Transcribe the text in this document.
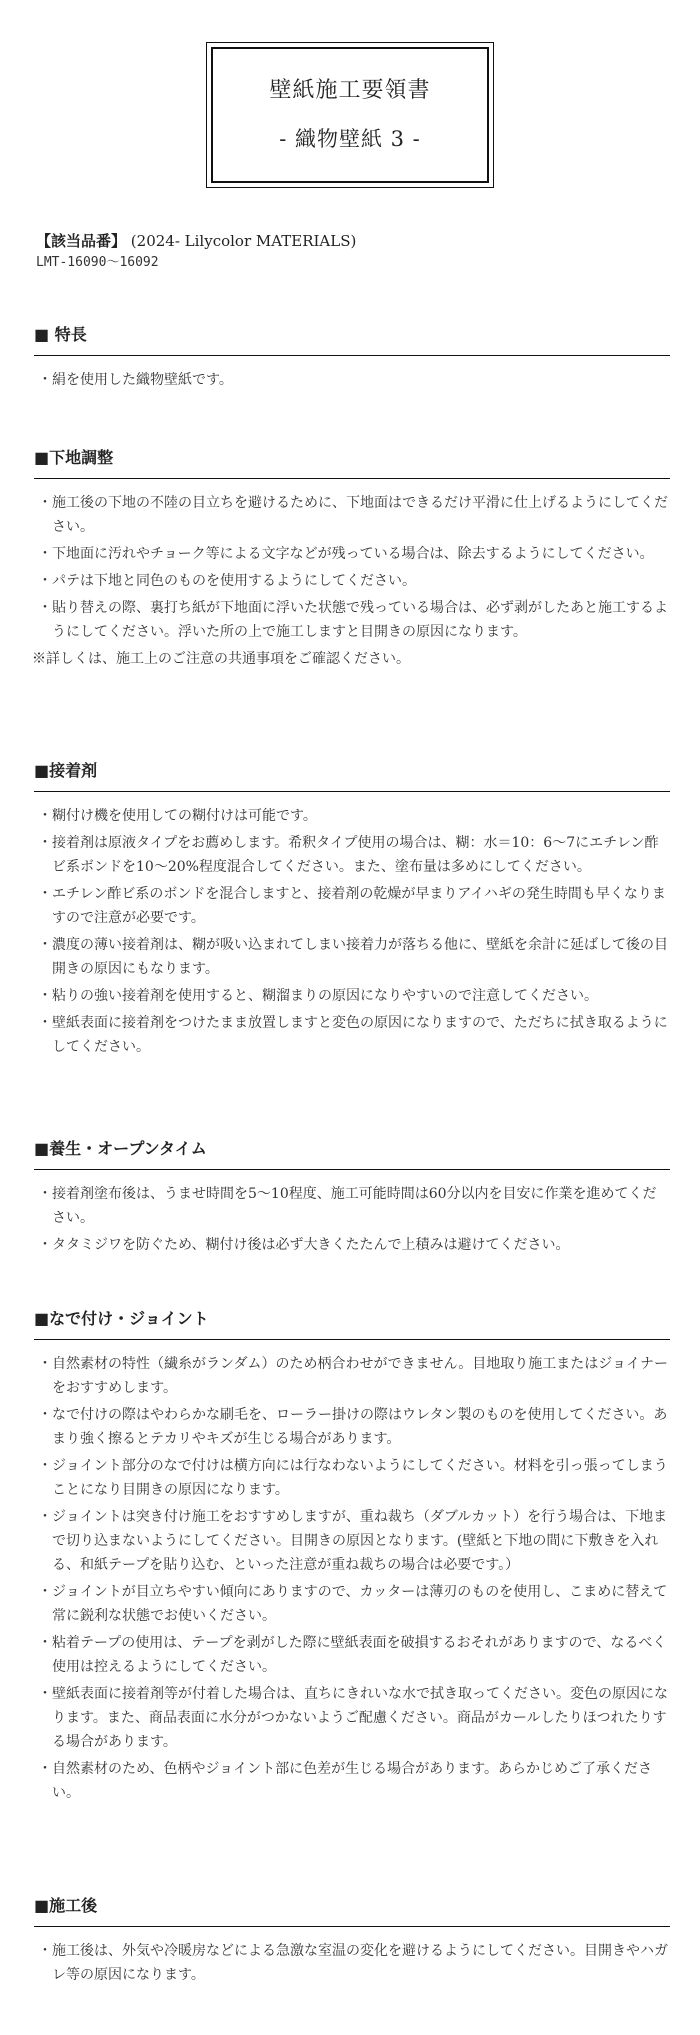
壁紙施工要領書
- 織物壁紙 3 -
【該当品番】 (2024- Lilycolor MATERIALS)
LMT-16090～16092
■ 特長
・絹を使用した織物壁紙です。
■下地調整
・施工後の下地の不陸の目立ちを避けるために、下地面はできるだけ平滑に仕上げるようにしてください。
・下地面に汚れやチョーク等による文字などが残っている場合は、除去するようにしてください。
・パテは下地と同色のものを使用するようにしてください。
・貼り替えの際、裏打ち紙が下地面に浮いた状態で残っている場合は、必ず剥がしたあと施工するようにしてください。浮いた所の上で施工しますと目開きの原因になります。
※詳しくは、施工上のご注意の共通事項をご確認ください。
■接着剤
・糊付け機を使用しての糊付けは可能です。
・接着剤は原液タイプをお薦めします。希釈タイプ使用の場合は、糊：水＝10：6～7にエチレン酢ビ系ボンドを10～20%程度混合してください。また、塗布量は多めにしてください。
・エチレン酢ビ系のボンドを混合しますと、接着剤の乾燥が早まりアイハギの発生時間も早くなりますので注意が必要です。
・濃度の薄い接着剤は、糊が吸い込まれてしまい接着力が落ちる他に、壁紙を余計に延ばして後の目開きの原因にもなります。
・粘りの強い接着剤を使用すると、糊溜まりの原因になりやすいので注意してください。
・壁紙表面に接着剤をつけたまま放置しますと変色の原因になりますので、ただちに拭き取るようにしてください。
■養生・オープンタイム
・接着剤塗布後は、うませ時間を5～10程度、施工可能時間は60分以内を目安に作業を進めてください。
・タタミジワを防ぐため、糊付け後は必ず大きくたたんで上積みは避けてください。
■なで付け・ジョイント
・自然素材の特性（繊糸がランダム）のため柄合わせができません。目地取り施工またはジョイナーをおすすめします。
・なで付けの際はやわらかな刷毛を、ローラー掛けの際はウレタン製のものを使用してください。あまり強く擦るとテカリやキズが生じる場合があります。
・ジョイント部分のなで付けは横方向には行なわないようにしてください。材料を引っ張ってしまうことになり目開きの原因になります。
・ジョイントは突き付け施工をおすすめしますが、重ね裁ち（ダブルカット）を行う場合は、下地まで切り込まないようにしてください。目開きの原因となります。(壁紙と下地の間に下敷きを入れる、和紙テープを貼り込む、といった注意が重ね裁ちの場合は必要です。）
・ジョイントが目立ちやすい傾向にありますので、カッターは薄刃のものを使用し、こまめに替えて常に鋭利な状態でお使いください。
・粘着テープの使用は、テープを剥がした際に壁紙表面を破損するおそれがありますので、なるべく使用は控えるようにしてください。
・壁紙表面に接着剤等が付着した場合は、直ちにきれいな水で拭き取ってください。変色の原因になります。また、商品表面に水分がつかないようご配慮ください。商品がカールしたりほつれたりする場合があります。
・自然素材のため、色柄やジョイント部に色差が生じる場合があります。あらかじめご了承ください。
■施工後
・施工後は、外気や冷暖房などによる急激な室温の変化を避けるようにしてください。目開きやハガレ等の原因になります。
